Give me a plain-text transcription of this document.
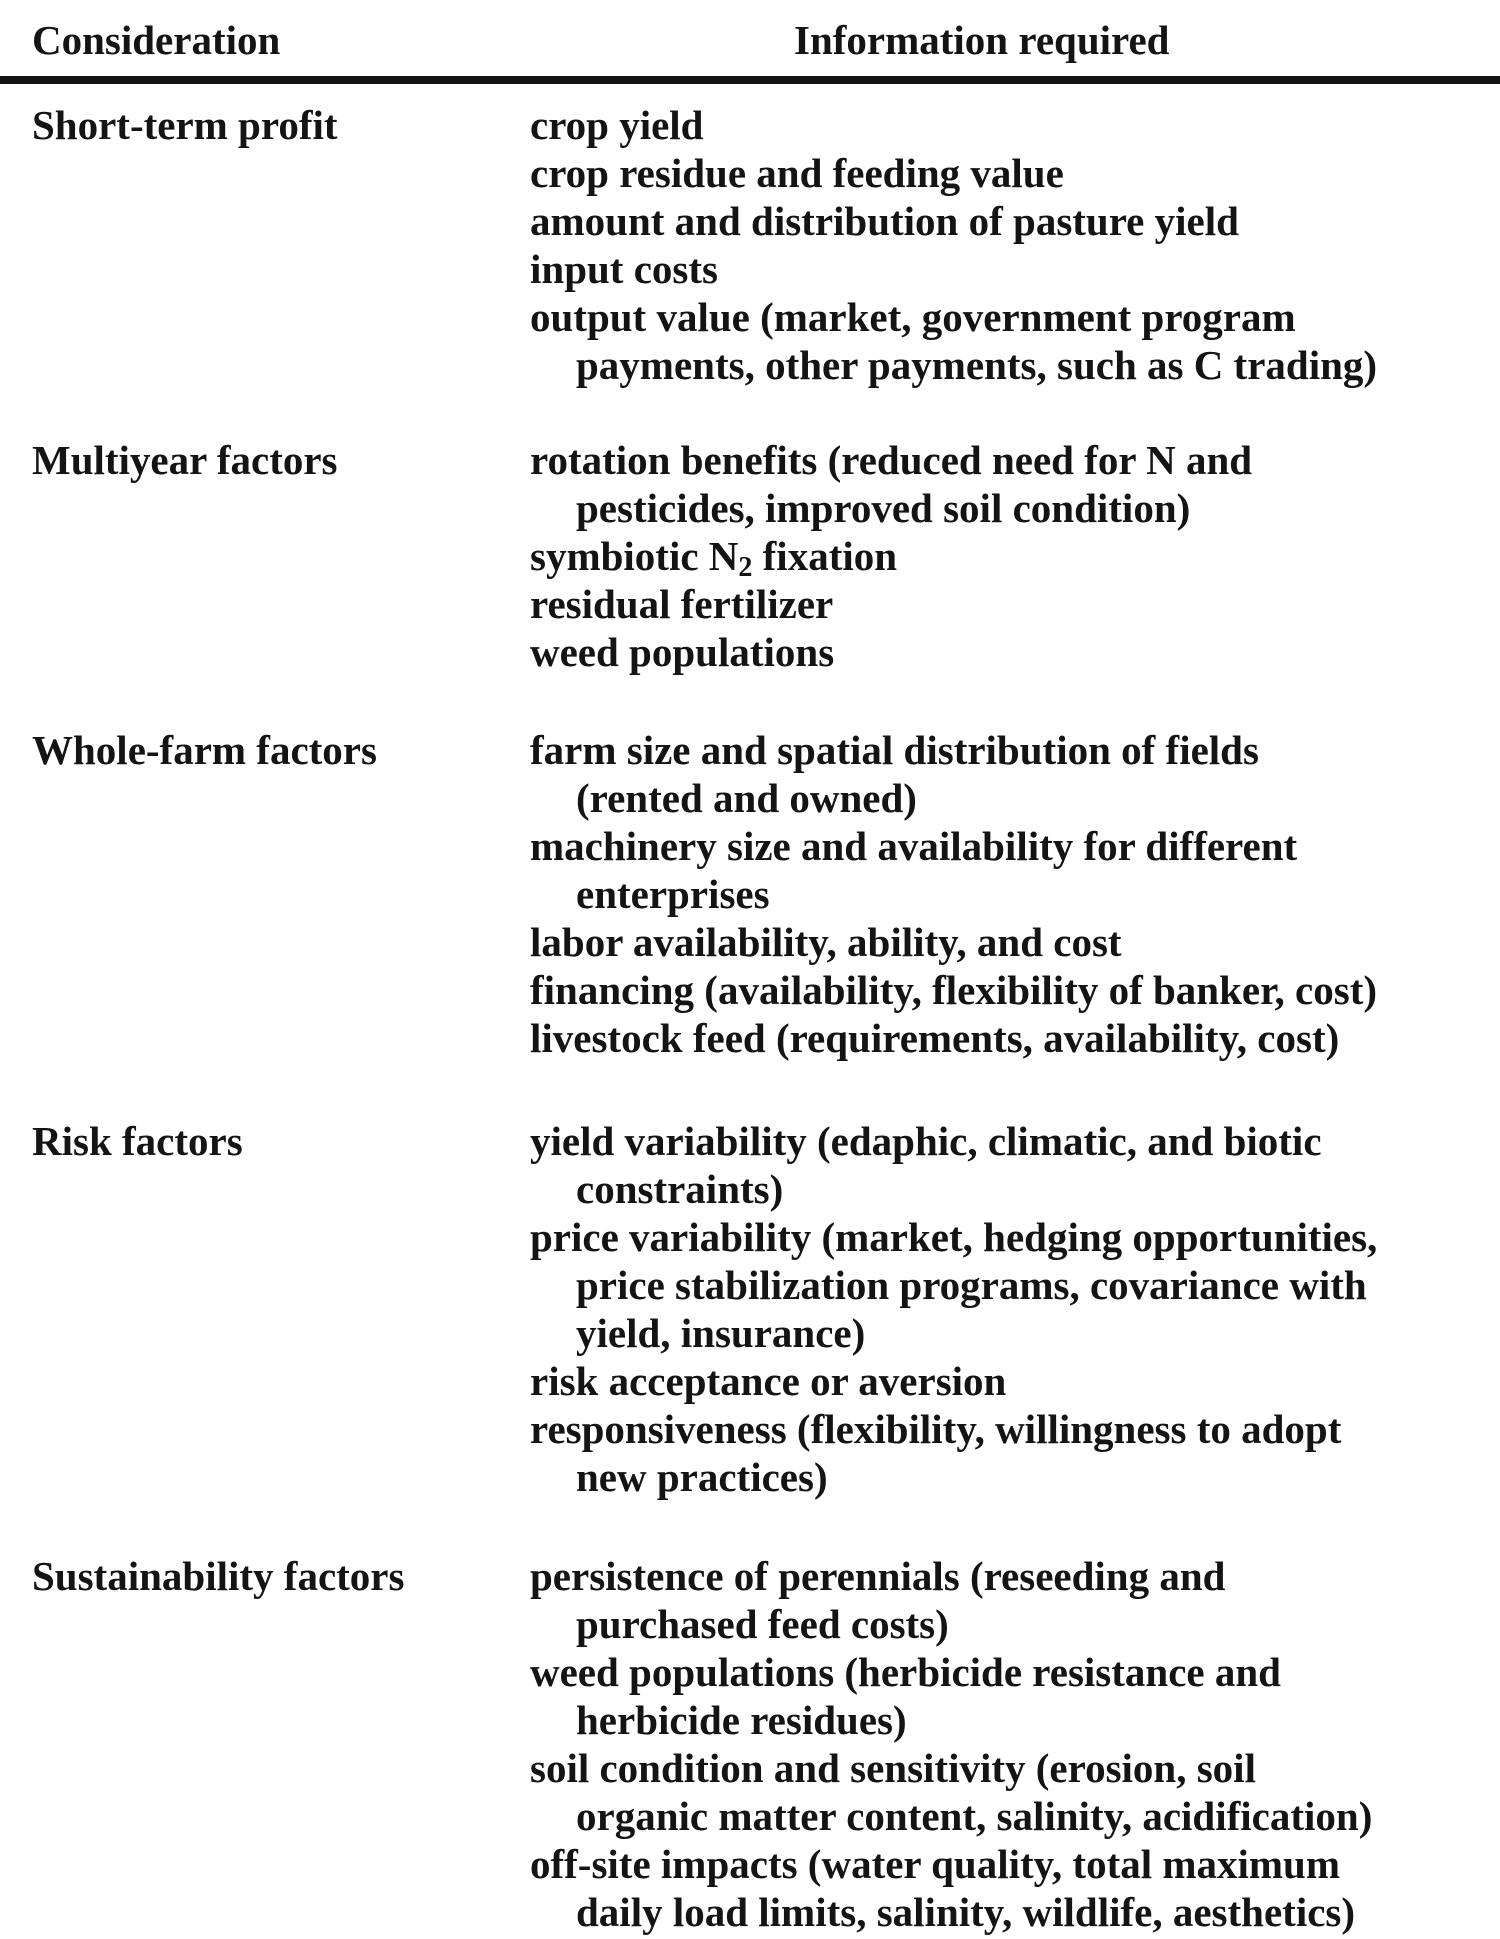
Consideration	Information required
Short-term profit	crop yield
crop residue and feeding value
amount and distribution of pasture yield
input costs
output value (market, government program
payments, other payments, such as C trading)
Multiyear factors	rotation benefits (reduced need for N and
pesticides, improved soil condition)
symbiotic $N_2$ fixation
residual fertilizer
weed populations
Whole-farm factors	farm size and spatial distribution of fields
(rented and owned)
machinery size and availability for different
enterprises
labor availability, ability, and cost
financing (availability, flexibility of banker, cost)
livestock feed (requirements, availability, cost)
Risk factors	yield variability (edaphic, climatic, and biotic
constraints)
price variability (market, hedging opportunities,
price stabilization programs, covariance with
yield, insurance)
risk acceptance or aversion
responsiveness (flexibility, willingness to adopt
new practices)
Sustainability factors	persistence of perennials (reseeding and
purchased feed costs)
weed populations (herbicide resistance and
herbicide residues)
soil condition and sensitivity (erosion, soil
organic matter content, salinity, acidification)
off-site impacts (water quality, total maximum
daily load limits, salinity, wildlife, aesthetics)
